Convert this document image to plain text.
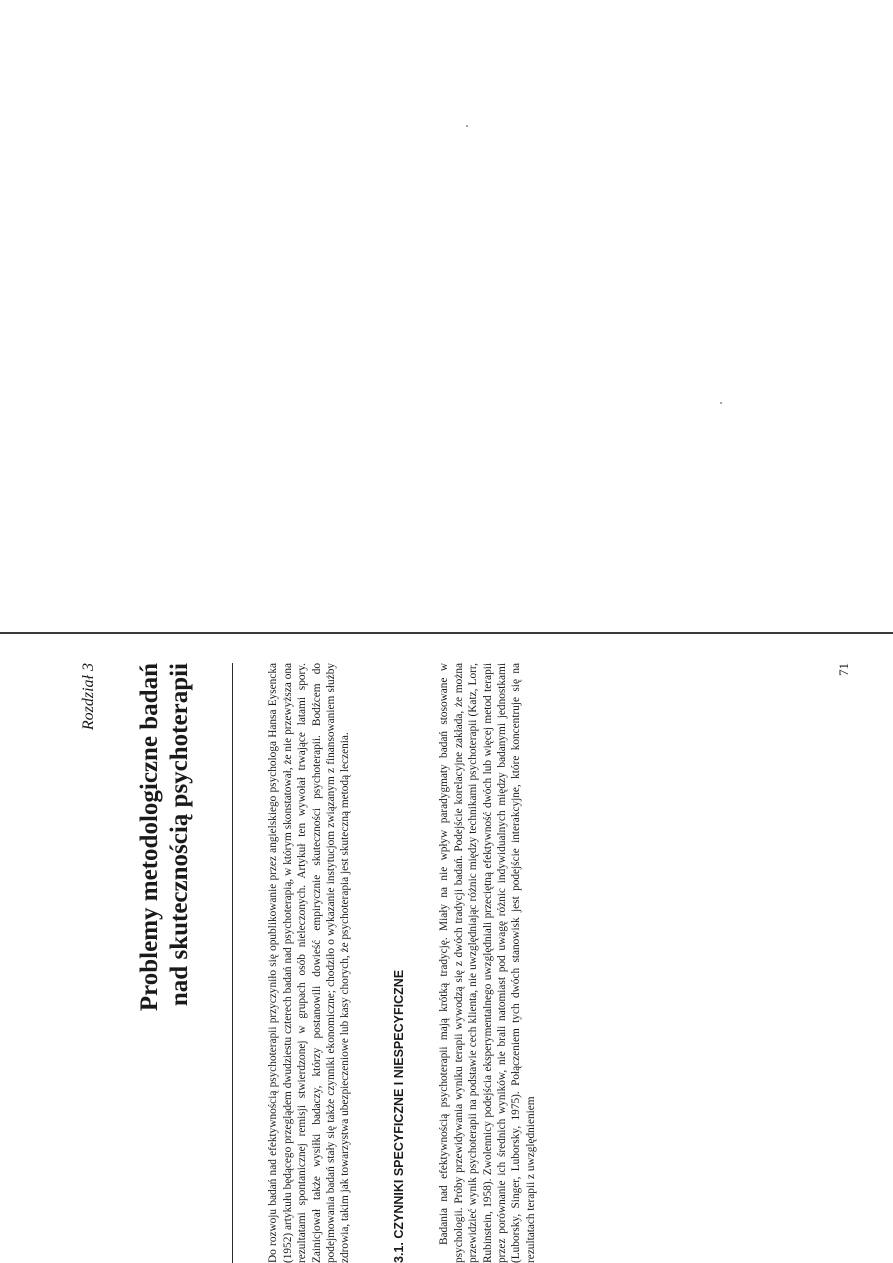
Rozdział 3 Problemy metodologiczne badań nad skutecznością psychoterapii	Do rozwoju badań nad efektywnością psychoterapii przyczyniło się opublikowanie przez angielskiego psychologa Hansa Eysencka (1952) artykułu będącego przeglądem dwudziestu czterech badań nad psychoterapią, w którym skonstatował, że nie przewyższa ona rezultatami spontanicznej remisji stwierdzonej w grupach osób nieleczonych. Artykuł ten wywołał trwające latami spory. Zainicjował także wysiłki badaczy, którzy postanowili dowieść empirycznie skuteczności psychoterapii. Bodźcem do podejmowania badań stały się także czynniki ekonomiczne; chodziło o wykazanie instytucjom związanym z finansowaniem służby zdrowia, takim jak towarzystwa ubezpieczeniowe lub kasy chorych, że psychoterapia jest skuteczną metodą leczenia.	3.1. CZYNNIKI SPECYFICZNE I NIESPECYFICZNE	Badania nad efektywnością psychoterapii mają krótką tradycję. Miały na nie wpływ paradygmaty badań stosowane w psychologii. Próby przewidywania wyniku terapii wywodzą się z dwóch tradycji badań. Podejście korelacyjne zakłada, że można przewidzieć wynik psychoterapii na podstawie cech klienta, nie uwzględniając różnic między technikami psychoterapii (Katz, Lorr, Rubinstein, 1958). Zwolennicy podejścia eksperymentalnego uwzględniali przeciętną efektywność dwóch lub więcej metod terapii przez porównanie ich średnich wyników, nie brali natomiast pod uwagę różnic indywidualnych między badanymi jednostkami (Luborsky, Singer, Luborsky, 1975). Połączeniem tych dwóch stanowisk jest podejście interakcyjne, które koncentruje się na rezultatach terapii z uwzględnieniem

71
